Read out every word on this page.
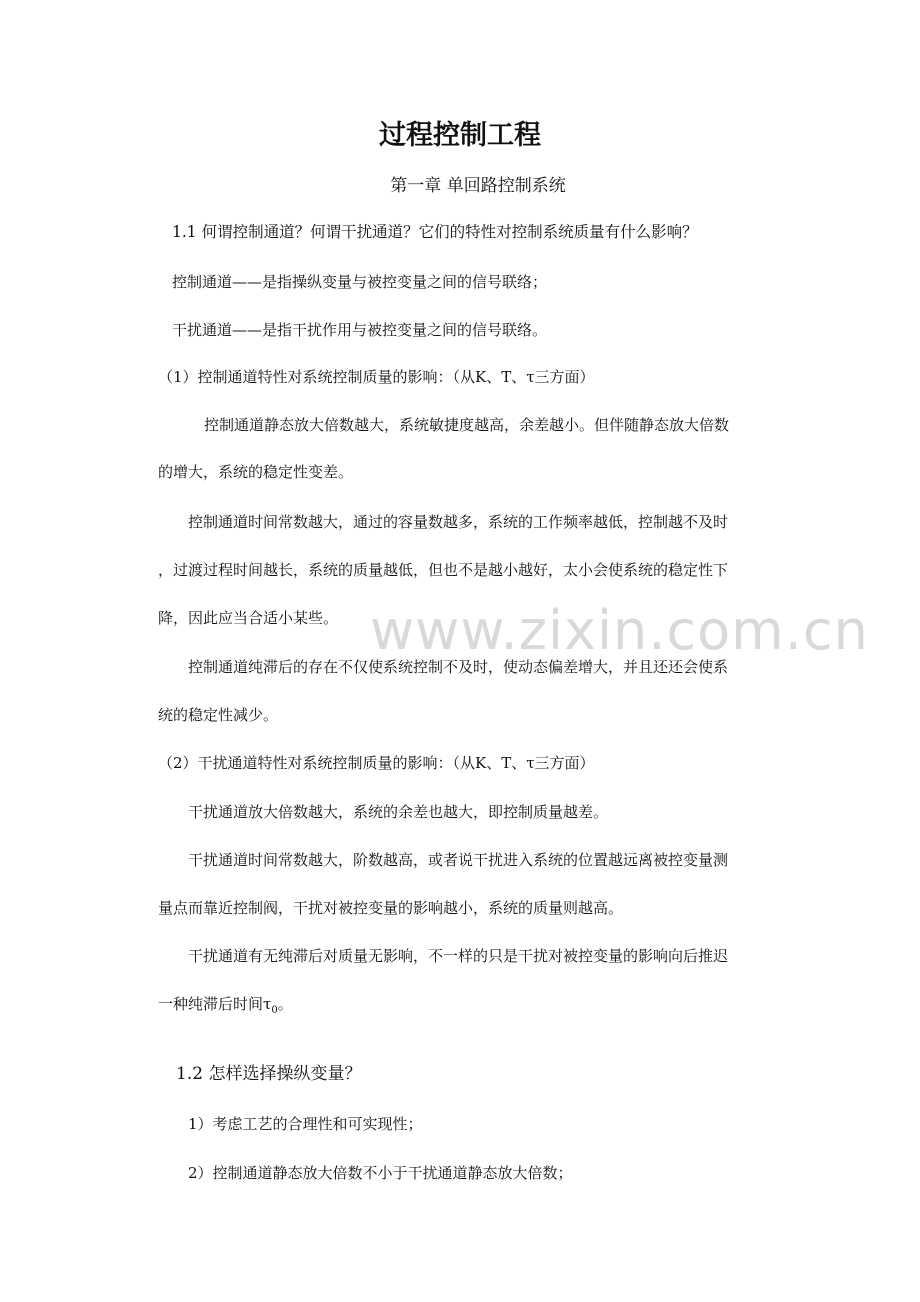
www.zixin.com.cn
过程控制工程
第一章 单回路控制系统
1.1 何谓控制通道？何谓干扰通道？它们的特性对控制系统质量有什么影响？
控制通道——是指操纵变量与被控变量之间的信号联络；
干扰通道——是指干扰作用与被控变量之间的信号联络。
（1）控制通道特性对系统控制质量的影响：（从K、T、τ三方面）
控制通道静态放大倍数越大，系统敏捷度越高，余差越小。但伴随静态放大倍数
的增大，系统的稳定性变差。
控制通道时间常数越大，通过的容量数越多，系统的工作频率越低，控制越不及时
，过渡过程时间越长，系统的质量越低，但也不是越小越好，太小会使系统的稳定性下
降，因此应当合适小某些。
控制通道纯滞后的存在不仅使系统控制不及时，使动态偏差增大，并且还还会使系
统的稳定性减少。
（2）干扰通道特性对系统控制质量的影响：（从K、T、τ三方面）
干扰通道放大倍数越大，系统的余差也越大，即控制质量越差。
干扰通道时间常数越大，阶数越高，或者说干扰进入系统的位置越远离被控变量测
量点而靠近控制阀，干扰对被控变量的影响越小，系统的质量则越高。
干扰通道有无纯滞后对质量无影响，不一样的只是干扰对被控变量的影响向后推迟
一种纯滞后时间$\tau_0$。
1.2 怎样选择操纵变量？
1）考虑工艺的合理性和可实现性；
2）控制通道静态放大倍数不小于干扰通道静态放大倍数；
